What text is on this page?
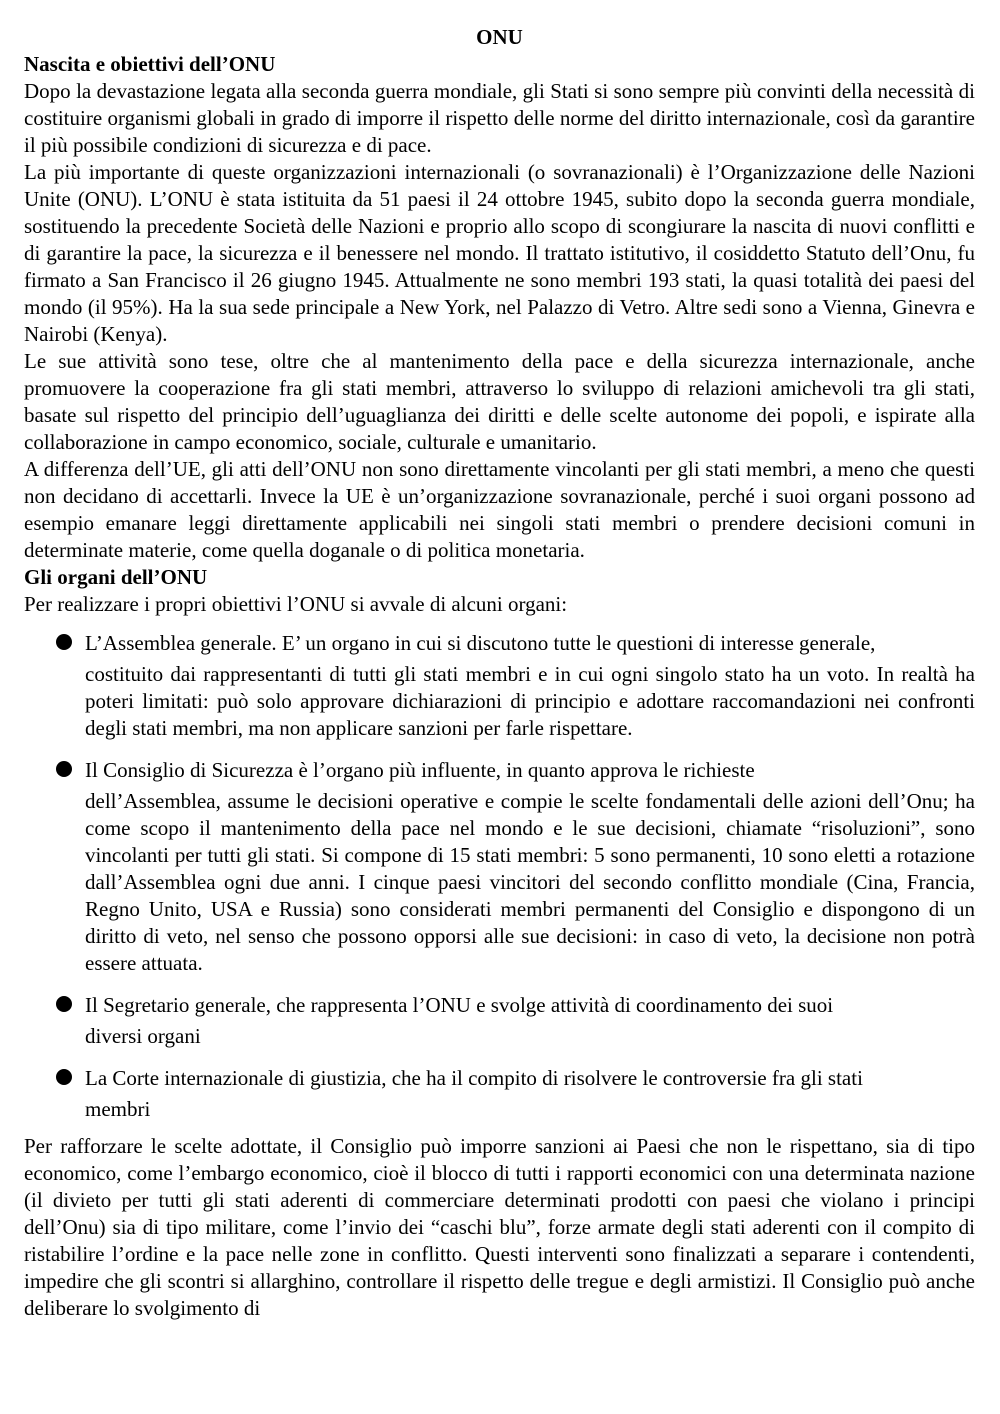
ONU
Nascita e obiettivi dell’ONU

Dopo la devastazione legata alla seconda guerra mondiale, gli Stati si sono sempre più convinti della necessità di costituire organismi globali in grado di imporre il rispetto delle norme del diritto internazionale, così da garantire il più possibile condizioni di sicurezza e di pace.

La più importante di queste organizzazioni internazionali (o sovranazionali) è l’Organizzazione delle Nazioni Unite (ONU). L’ONU è stata istituita da 51 paesi il 24 ottobre 1945, subito dopo la seconda guerra mondiale, sostituendo la precedente Società delle Nazioni e proprio allo scopo di scongiurare la nascita di nuovi conflitti e di garantire la pace, la sicurezza e il benessere nel mondo. Il trattato istitutivo, il cosiddetto Statuto dell’Onu, fu firmato a San Francisco il 26 giugno 1945. Attualmente ne sono membri 193 stati, la quasi totalità dei paesi del mondo (il 95%). Ha la sua sede principale a New York, nel Palazzo di Vetro. Altre sedi sono a Vienna, Ginevra e Nairobi (Kenya).

Le sue attività sono tese, oltre che al mantenimento della pace e della sicurezza internazionale, anche promuovere la cooperazione fra gli stati membri, attraverso lo sviluppo di relazioni amichevoli tra gli stati, basate sul rispetto del principio dell’uguaglianza dei diritti e delle scelte autonome dei popoli, e ispirate alla collaborazione in campo economico, sociale, culturale e umanitario.

A differenza dell’UE, gli atti dell’ONU non sono direttamente vincolanti per gli stati membri, a meno che questi non decidano di accettarli. Invece la UE è un’organizzazione sovranazionale, perché i suoi organi possono ad esempio emanare leggi direttamente applicabili nei singoli stati membri o prendere decisioni comuni in determinate materie, come quella doganale o di politica monetaria.

Gli organi dell’ONU

Per realizzare i propri obiettivi l’ONU si avvale di alcuni organi:

L’Assemblea generale. E’ un organo in cui si discutono tutte le questioni di interesse generale,
costituito dai rappresentanti di tutti gli stati membri e in cui ogni singolo stato ha un voto. In realtà ha poteri limitati: può solo approvare dichiarazioni di principio e adottare raccomandazioni nei confronti degli stati membri, ma non applicare sanzioni per farle rispettare.
Il Consiglio di Sicurezza è l’organo più influente, in quanto approva le richieste
dell’Assemblea, assume le decisioni operative e compie le scelte fondamentali delle azioni dell’Onu; ha come scopo il mantenimento della pace nel mondo e le sue decisioni, chiamate “risoluzioni”, sono vincolanti per tutti gli stati. Si compone di 15 stati membri: 5 sono permanenti, 10 sono eletti a rotazione dall’Assemblea ogni due anni. I cinque paesi vincitori del secondo conflitto mondiale (Cina, Francia, Regno Unito, USA e Russia) sono considerati membri permanenti del Consiglio e dispongono di un diritto di veto, nel senso che possono opporsi alle sue decisioni: in caso di veto, la decisione non potrà essere attuata.
Il Segretario generale, che rappresenta l’ONU e svolge attività di coordinamento dei suoi
diversi organi
La Corte internazionale di giustizia, che ha il compito di risolvere le controversie fra gli stati
membri

Per rafforzare le scelte adottate, il Consiglio può imporre sanzioni ai Paesi che non le rispettano, sia di tipo economico, come l’embargo economico, cioè il blocco di tutti i rapporti economici con una determinata nazione (il divieto per tutti gli stati aderenti di commerciare determinati prodotti con paesi che violano i principi dell’Onu) sia di tipo militare, come l’invio dei “caschi blu”, forze armate degli stati aderenti con il compito di ristabilire l’ordine e la pace nelle zone in conflitto. Questi interventi sono finalizzati a separare i contendenti, impedire che gli scontri si allarghino, controllare il rispetto delle tregue e degli armistizi. Il Consiglio può anche deliberare lo svolgimento di
